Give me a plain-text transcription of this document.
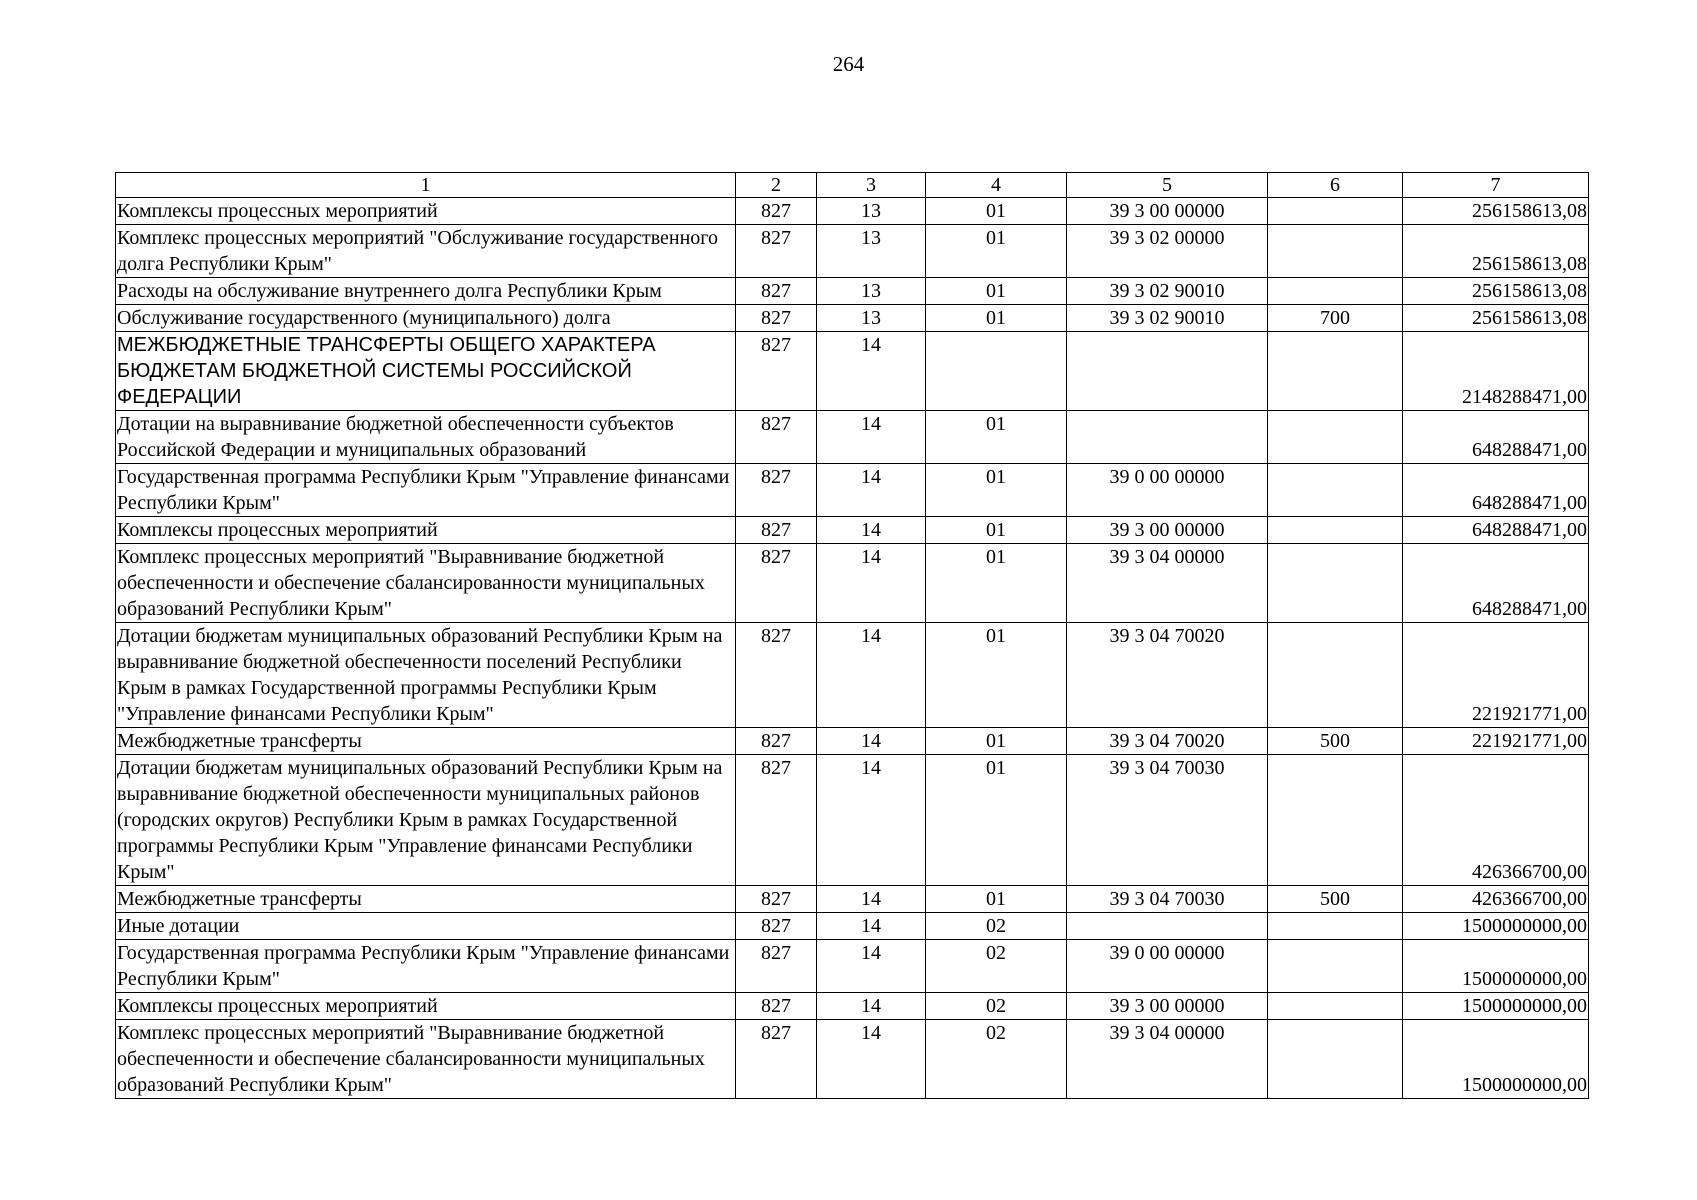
264
1	2	3	4	5	6	7
Комплексы процессных мероприятий	827	13	01	39 3 00 00000		256158613,08
Комплекс процессных мероприятий "Обслуживание государственного долга Республики Крым"	827	13	01	39 3 02 00000		256158613,08
Расходы на обслуживание внутреннего долга Республики Крым	827	13	01	39 3 02 90010		256158613,08
Обслуживание государственного (муниципального) долга	827	13	01	39 3 02 90010	700	256158613,08
МЕЖБЮДЖЕТНЫЕ ТРАНСФЕРТЫ ОБЩЕГО ХАРАКТЕРА БЮДЖЕТАМ БЮДЖЕТНОЙ СИСТЕМЫ РОССИЙСКОЙ ФЕДЕРАЦИИ	827	14				2148288471,00
Дотации на выравнивание бюджетной обеспеченности субъектов Российской Федерации и муниципальных образований	827	14	01			648288471,00
Государственная программа Республики Крым "Управление финансами Республики Крым"	827	14	01	39 0 00 00000		648288471,00
Комплексы процессных мероприятий	827	14	01	39 3 00 00000		648288471,00
Комплекс процессных мероприятий "Выравнивание бюджетной обеспеченности и обеспечение сбалансированности муниципальных образований Республики Крым"	827	14	01	39 3 04 00000		648288471,00
Дотации бюджетам муниципальных образований Республики Крым на выравнивание бюджетной обеспеченности поселений Республики Крым в рамках Государственной программы Республики Крым "Управление финансами Республики Крым"	827	14	01	39 3 04 70020		221921771,00
Межбюджетные трансферты	827	14	01	39 3 04 70020	500	221921771,00
Дотации бюджетам муниципальных образований Республики Крым на выравнивание бюджетной обеспеченности муниципальных районов (городских округов) Республики Крым в рамках Государственной программы Республики Крым "Управление финансами Республики Крым"	827	14	01	39 3 04 70030		426366700,00
Межбюджетные трансферты	827	14	01	39 3 04 70030	500	426366700,00
Иные дотации	827	14	02			1500000000,00
Государственная программа Республики Крым "Управление финансами Республики Крым"	827	14	02	39 0 00 00000		1500000000,00
Комплексы процессных мероприятий	827	14	02	39 3 00 00000		1500000000,00
Комплекс процессных мероприятий "Выравнивание бюджетной обеспеченности и обеспечение сбалансированности муниципальных образований Республики Крым"	827	14	02	39 3 04 00000		1500000000,00
